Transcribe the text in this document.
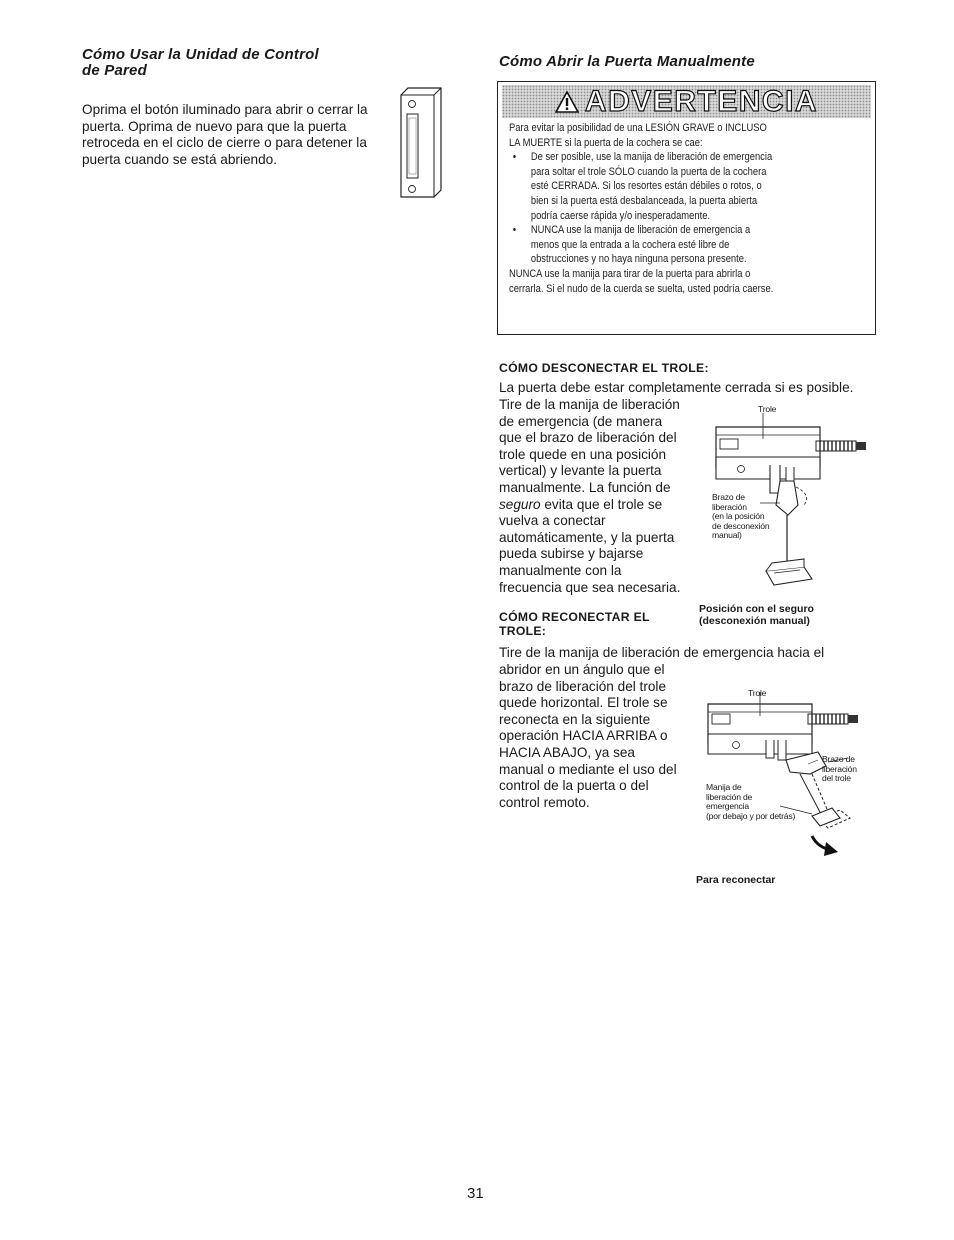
Cómo Usar la Unidad de Control
de Pared
Oprima el botón iluminado para abrir o cerrar la
puerta. Oprima de nuevo para que la puerta
retroceda en el ciclo de cierre o para detener la
puerta cuando se está abriendo.
Cómo Abrir la Puerta Manualmente
ADVERTENCIA

Para evitar la posibilidad de una LESIÓN GRAVE o INCLUSO

LA MUERTE si la puerta de la cochera se cae:

• De ser posible, use la manija de liberación de emergencia
para soltar el trole SÓLO cuando la puerta de la cochera
esté CERRADA. Si los resortes están débiles o rotos, o
bien si la puerta está desbalanceada, la puerta abierta
podría caerse rápida y/o inesperadamente.
• NUNCA use la manija de liberación de emergencia a
menos que la entrada a la cochera esté libre de
obstrucciones y no haya ninguna persona presente.

NUNCA use la manija para tirar de la puerta para abrirla o

cerrarla. Si el nudo de la cuerda se suelta, usted podría caerse.

CÓMO DESCONECTAR EL TROLE:
La puerta debe estar completamente cerrada si es posible.
Tire de la manija de liberación
de emergencia (de manera
que el brazo de liberación del
trole quede en una posición
vertical) y levante la puerta
manualmente. La función de
seguro evita que el trole se
vuelva a conectar
automáticamente, y la puerta
pueda subirse y bajarse
manualmente con la
frecuencia que sea necesaria.
Trole
Brazo de
liberación
(en la posición
de desconexión
manual)
Posición con el seguro
(desconexión manual)
CÓMO RECONECTAR EL
TROLE:
Tire de la manija de liberación de emergencia hacia el
abridor en un ángulo que el
brazo de liberación del trole
quede horizontal. El trole se
reconecta en la siguiente
operación HACIA ARRIBA o
HACIA ABAJO, ya sea
manual o mediante el uso del
control de la puerta o del
control remoto.
Trole
Brazo de
liberación
del trole
Manija de
liberación de
emergencia
(por debajo y por detrás)
Para reconectar
31
